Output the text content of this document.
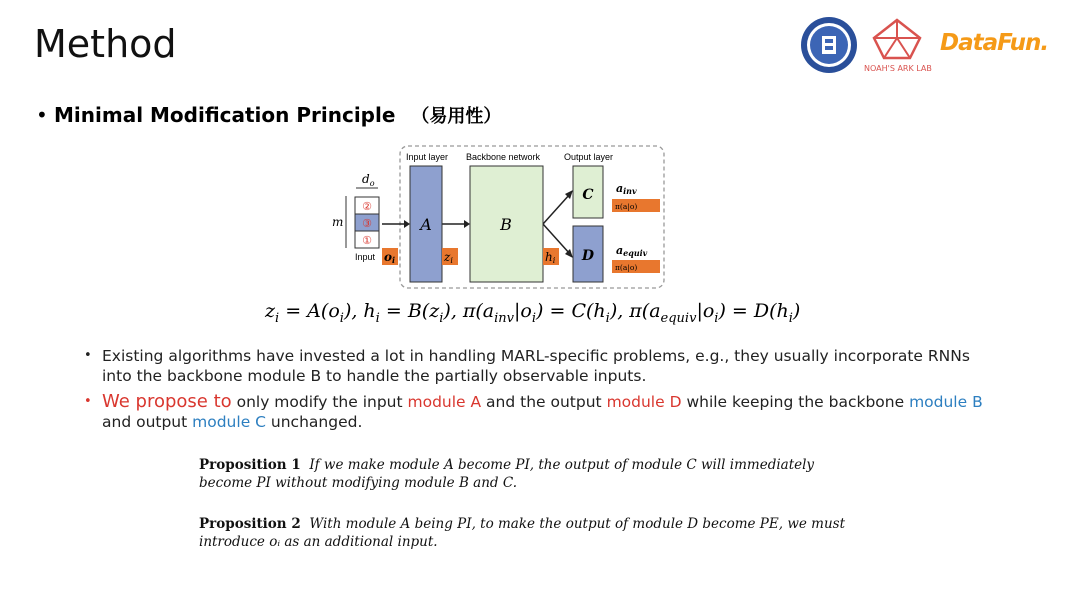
Method
NOAH'S ARK LAB
DataFun.
• Minimal Modification Principle （易用性）
$d_o$
m
②
③
①
Input oi
Input layer Backbone network	Output layer
A
zi
B
hi
C
D
ainv
π(a|o)
aequiv
π(a|o)
$z_i = A(o_i)$, $h_i = B(z_i)$, $\pi(a_{inv}|o_i) = C(h_i)$, $\pi(a_{equiv}|o_i) = D(h_i)$
• Existing algorithms have invested a lot in handling MARL-specific problems, e.g., they usually incorporate RNNs into the backbone module B to handle the partially observable inputs.
• We propose to only modify the input module A and the output module D while keeping the backbone module B and output module C unchanged.
Proposition 1 If we make module A become PI, the output of module C will immediately become PI without modifying module B and C.
Proposition 2 With module A being PI, to make the output of module D become PE, we must introduce oᵢ as an additional input.
